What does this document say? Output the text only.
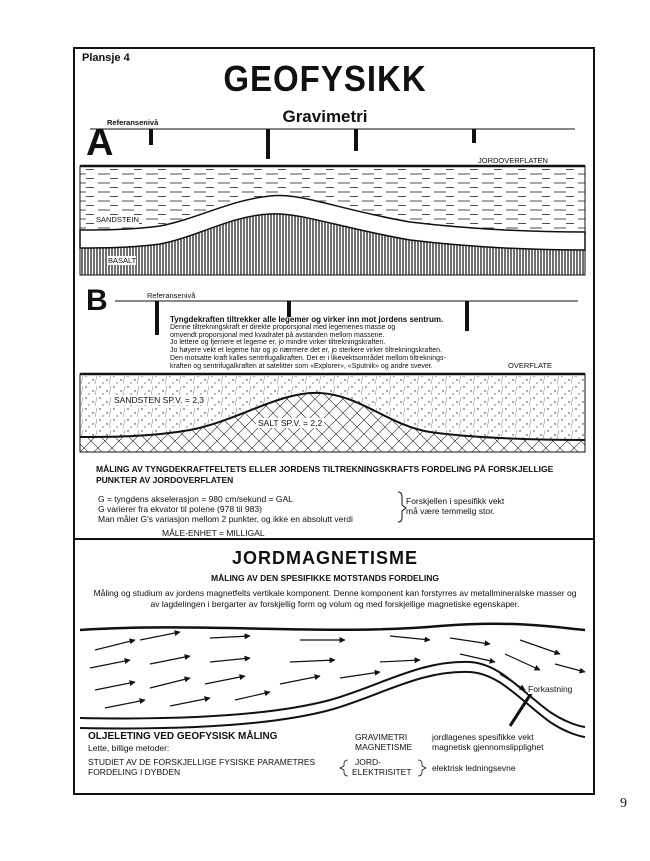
Plansje 4
GEOFYSIKK
Gravimetri
A
Referansenivå
JORDOVERFLATEN
SANDSTEIN
BASALT
B	Referansenivå
Tyngdekraften tiltrekker alle legemer og virker inn mot jordens sentrum.
Denne tiltrekningskraft er direkte proporsjonal med legemenes masse og
omvendt proporsjonal med kvadratet på avstanden mellom massene.
Jo lettere og fjernere et legeme er, jo mindre virker tiltrekningskraften.
Jo høyere vekt et legeme har og jo nærmere det er, jo sterkere virker tiltrekningskraften.
Den motsatte kraft kalles sentrifugalkraften. Det er i likevektsområdet mellom tiltreknings-
kraften og sentrifugalkraften at satelitter som «Explorer», «Sputnik» og andre svever.	OVERFLATE
SANDSTEN SP.V. = 2,3
SALT SP.V. = 2,2
MÅLING AV TYNGDEKRAFTFELTETS ELLER JORDENS TILTREKNINGSKRAFTS FORDELING PÅ FORSKJELLIGE PUNKTER AV JORDOVERFLATEN
G = tyngdens akselerasjon = 980 cm/sekund = GAL
G varierer fra ekvator til polene (978 til 983)
Man måler G's variasjon mellom 2 punkter, og ikke en absolutt verdi
Forskjellen i spesifikk vekt
må være temmelig stor.
MÅLE-ENHET = MILLIGAL
JORDMAGNETISME
MÅLING AV DEN SPESIFIKKE MOTSTANDS FORDELING
Måling og studium av jordens magnetfelts vertikale komponent. Denne komponent kan forstyrres av metallmineralske masser og av lagdelingen i bergarter av forskjellig form og volum og med forskjellige magnetiske egenskaper.
Forkastning
OLJELETING VED GEOFYSISK MÅLING
Lette, billige metoder:
STUDIET AV DE FORSKJELLIGE FYSISKE PARAMETRES FORDELING I DYBDEN
GRAVIMETRI
MAGNETISME
JORD-
ELEKTRISITET
jordlagenes spesifikke vekt
magnetisk gjennomslipplighet
elektrisk ledningsevne
9
